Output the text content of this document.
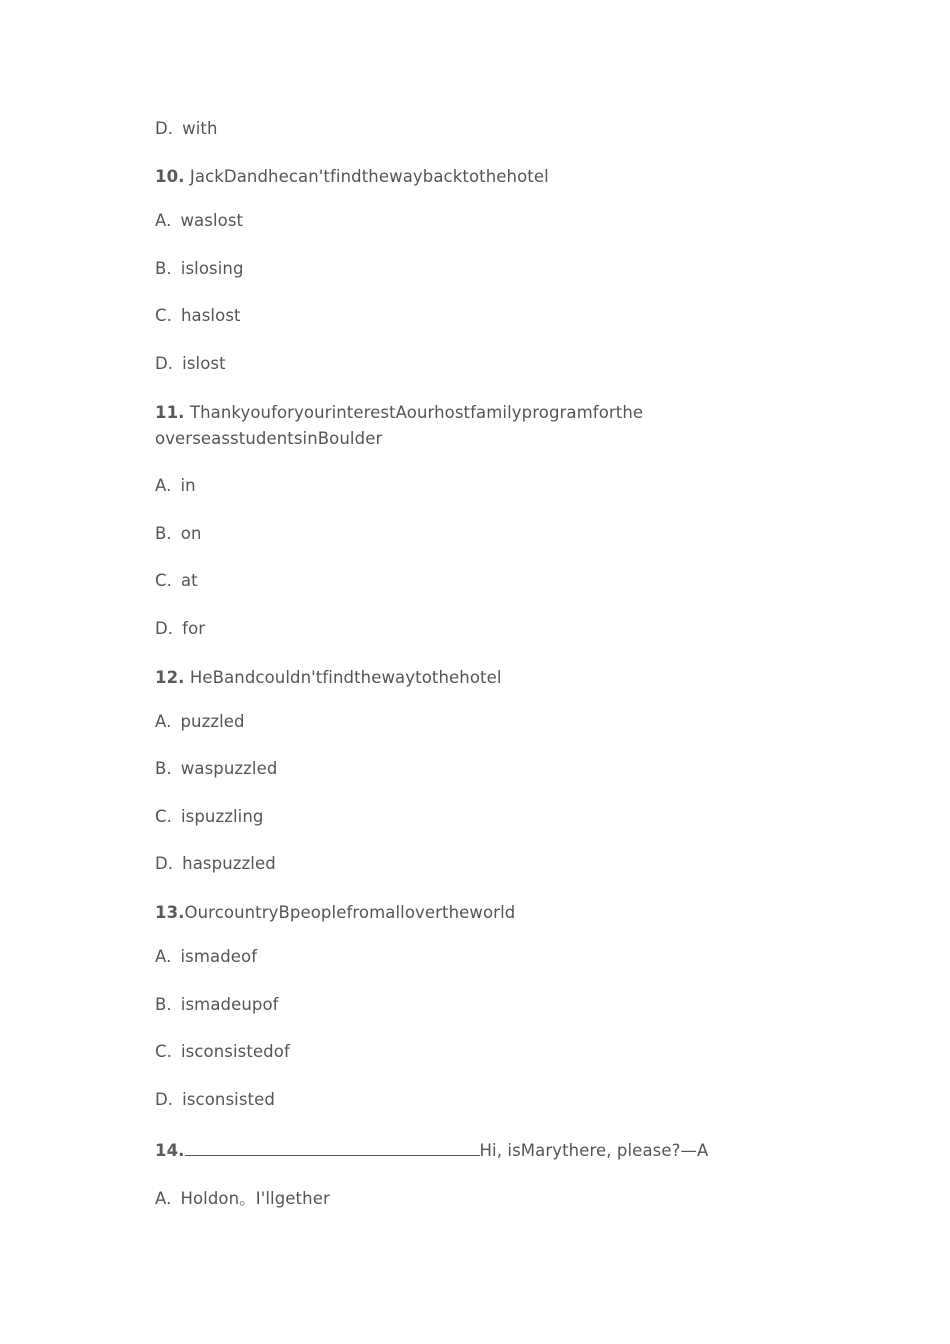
D. with
10. JackDandhecan'tfindthewaybacktothehotel
A. waslost
B. islosing
C. haslost
D. islost
11. ThankyouforyourinterestAourhostfamilyprogramforthe
overseasstudentsinBoulder
A. in
B. on
C. at
D. for
12. HeBandcouldn'tfindthewaytothehotel
A. puzzled
B. waspuzzled
C. ispuzzling
D. haspuzzled
13.OurcountryBpeoplefromallovertheworld
A. ismadeof
B. ismadeupof
C. isconsistedof
D. isconsisted
14.	Hi, isMarythere, please?—A
A. Holdon。I'llgether
